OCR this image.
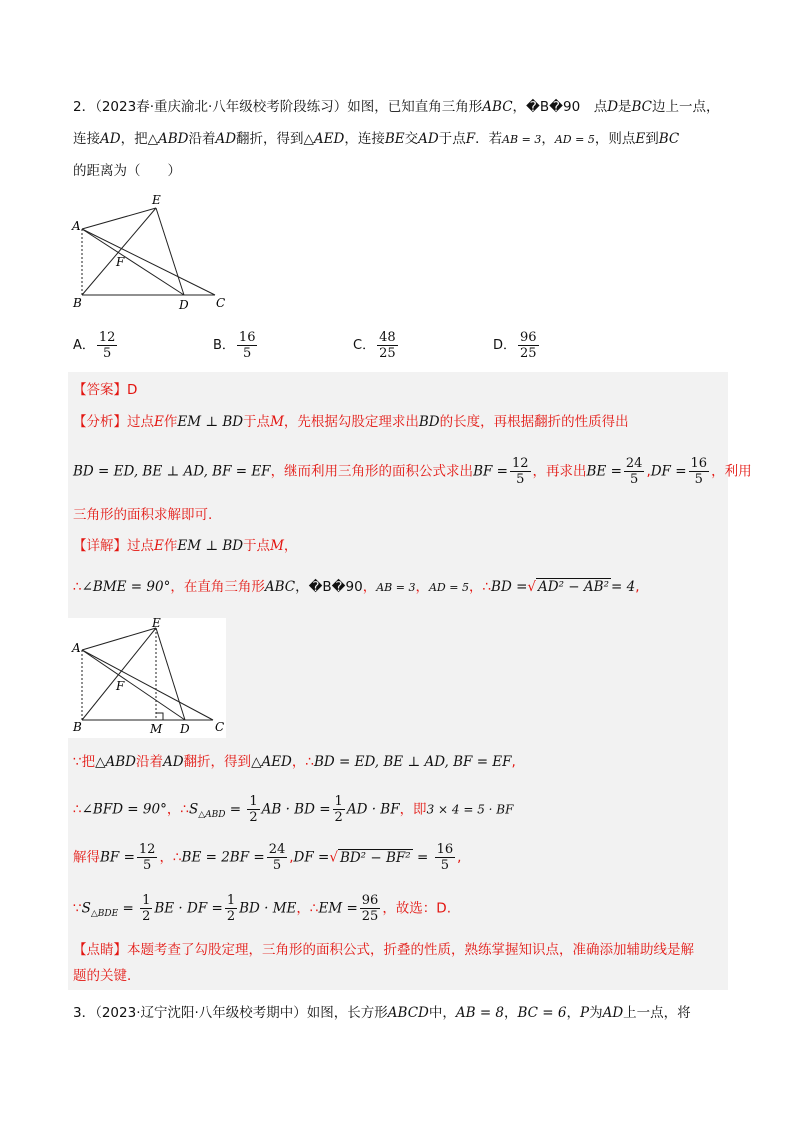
2．（2023春·重庆渝北·八年级校考阶段练习）如图，已知直角三角形ABC，�B�90　 点D是BC边上一点，
连接AD，把△ABD沿着AD翻折，得到△AED，连接BE交AD于点F．若AB = 3，AD = 5，则点E到BC
的距离为（　　）
A
E
F
B	D C
A． $\frac{12}{5}$	B． $\frac{16}{5}$	C． $\frac{48}{25}$	D． $\frac{96}{25}$
【答案】D
【分析】过点E作EM ⊥ BD于点M，先根据勾股定理求出BD的长度，再根据翻折的性质得出
BD = ED, BE ⊥ AD, BF = EF，继而利用三角形的面积公式求出BF = $\frac{12}{5}$ ，再求出BE = $\frac{24}{5} ,DF = \frac{16}{5}$ ，利用
三角形的面积求解即可.
【详解】过点E作EM ⊥ BD于点M，
∴∠BME = 90°，在直角三角形ABC，�B�90，AB = 3，AD = 5，∴BD =√ AD² − AB² = 4,
A
E
F
B	M D C
∵把△ABD沿着AD翻折，得到△AED，∴BD = ED, BE ⊥ AD, BF = EF,
∴∠BFD = 90°，$\therefore S_{\triangle ABD} = \frac{1}{2}$ AB · BD = $\frac{1}{2}$ AD · BF，即3 × 4 = 5 · BF
解得BF = $\frac{12}{5}$ ，∴BE = $2BF = \frac{24}{5} ,DF$ =√ $BD^2 - BF^2 = \frac{16}{5}$ ,
$\because S_{\triangle BDE} = \frac{1}{2}$ BE · DF = $\frac{1}{2}$ BD · ME，∴EM = $\frac{96}{25}$ ，故选：D.
【点睛】本题考查了勾股定理，三角形的面积公式，折叠的性质，熟练掌握知识点，准确添加辅助线是解
题的关键．
3．（2023·辽宁沈阳·八年级校考期中）如图，长方形ABCD中，AB = 8，BC = 6，P为AD上一点，将
